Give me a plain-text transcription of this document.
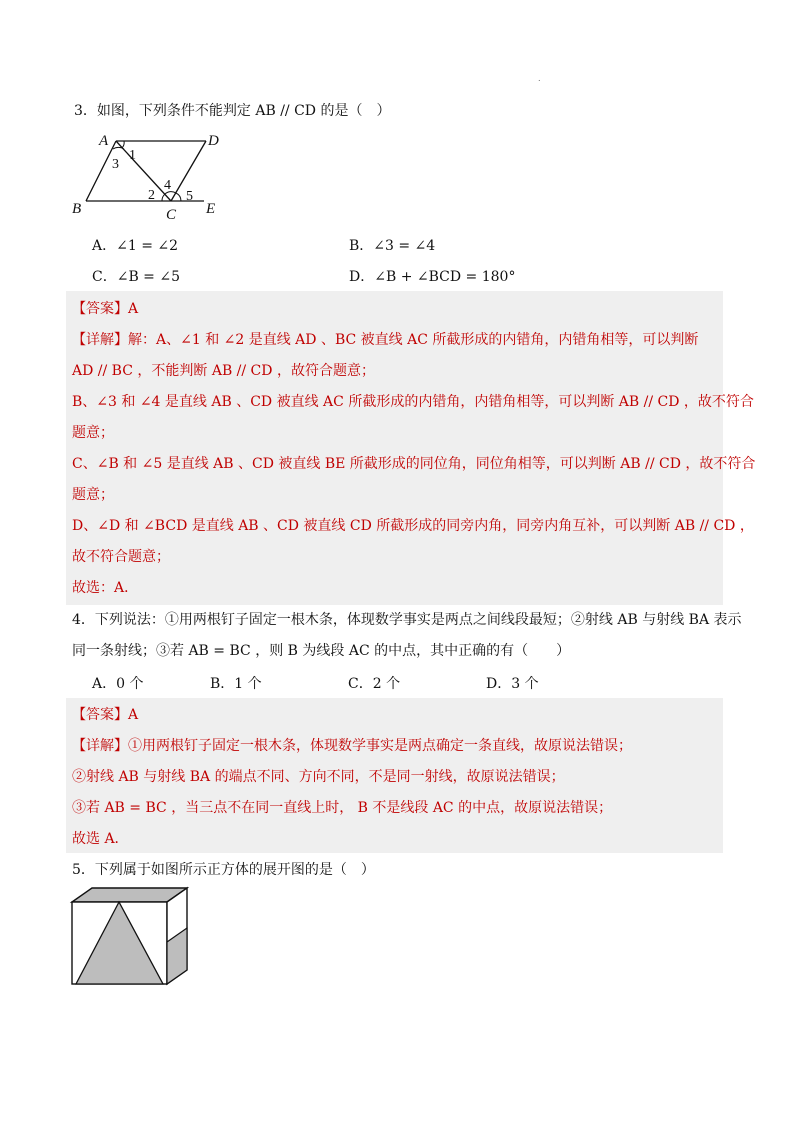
.
3．如图，下列条件不能判定 AB // CD 的是（　）
A	D
B	C E
1
3
2
4
5
A．∠1 = ∠2	B．∠3 = ∠4
C．∠B = ∠5	D．∠B + ∠BCD = 180°
【答案】A
【详解】解：A、∠1 和 ∠2 是直线 AD 、BC 被直线 AC 所截形成的内错角，内错角相等，可以判断
AD // BC ，不能判断 AB // CD ，故符合题意；
B、∠3 和 ∠4 是直线 AB 、CD 被直线 AC 所截形成的内错角，内错角相等，可以判断 AB // CD ，故不符合
题意；
C、∠B 和 ∠5 是直线 AB 、CD 被直线 BE 所截形成的同位角，同位角相等，可以判断 AB // CD ，故不符合
题意；
D、∠D 和 ∠BCD 是直线 AB 、CD 被直线 CD 所截形成的同旁内角，同旁内角互补，可以判断 AB // CD ，
故不符合题意；
故选：A．
4．下列说法：①用两根钉子固定一根木条，体现数学事实是两点之间线段最短；②射线 AB 与射线 BA 表示
同一条射线；③若 AB = BC ，则 B 为线段 AC 的中点，其中正确的有（　　）
A．0 个	B．1 个	C．2 个	D．3 个
【答案】A
【详解】①用两根钉子固定一根木条，体现数学事实是两点确定一条直线，故原说法错误；
②射线 AB 与射线 BA 的端点不同、方向不同，不是同一射线，故原说法错误；
③若 AB = BC ，当三点不在同一直线上时， B 不是线段 AC 的中点，故原说法错误；
故选 A．
5．下列属于如图所示正方体的展开图的是（　）
